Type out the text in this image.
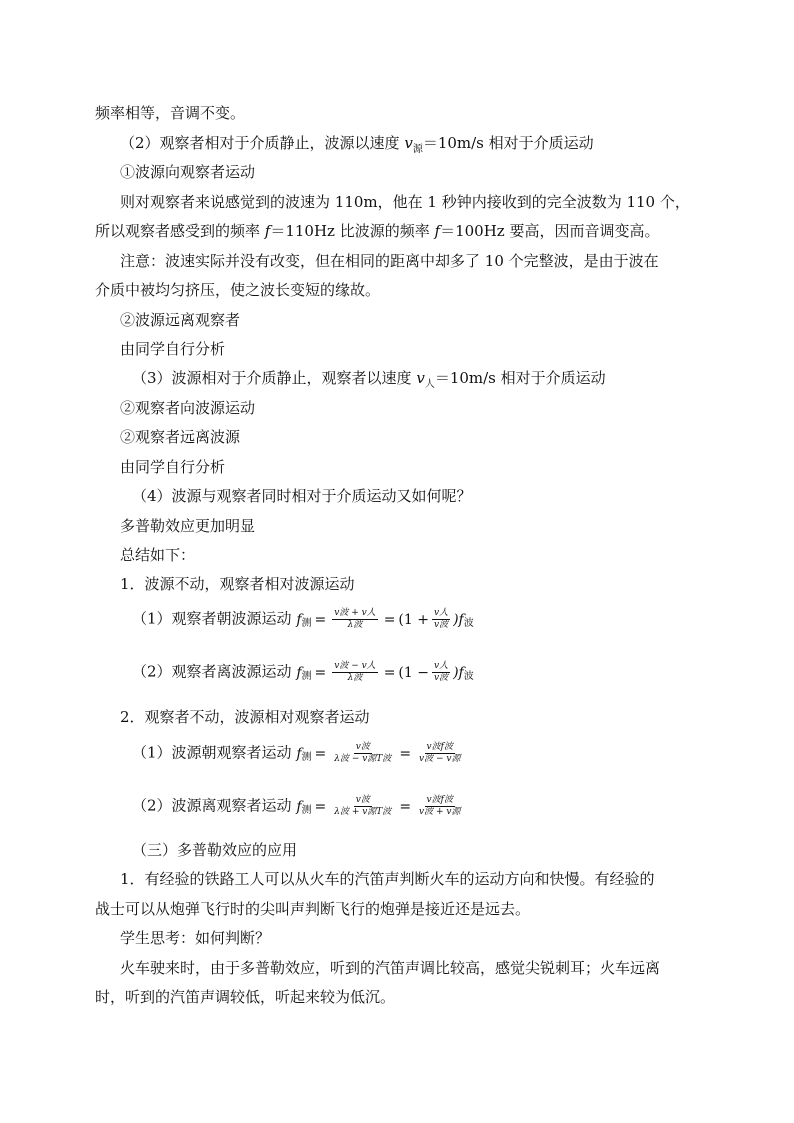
频率相等，音调不变。
（2）观察者相对于介质静止，波源以速度 $v_源=10m/s$ 相对于介质运动
①波源向观察者运动
则对观察者来说感觉到的波速为 110m，他在 1 秒钟内接收到的完全波数为 110 个，
所以观察者感受到的频率 f＝110Hz 比波源的频率 f＝100Hz 要高，因而音调变高。
注意：波速实际并没有改变，但在相同的距离中却多了 10 个完整波，是由于波在
介质中被均匀挤压，使之波长变短的缘故。
②波源远离观察者
由同学自行分析
（3）波源相对于介质静止，观察者以速度 $v_人=10m/s$ 相对于介质运动
②观察者向波源运动
②观察者远离波源
由同学自行分析
（4）波源与观察者同时相对于介质运动又如何呢？
多普勒效应更加明显
总结如下：
1．波源不动，观察者相对波源运动
（1）观察者朝波源运动 f 测 = $\frac{\text{v波 + v人}}{\text{λ波}} = (1 + \frac{\text{v人}}{\text{v波}} )f$ 波
（2）观察者离波源运动 f 测 = $\frac{\text{v波 − v人}}{\text{λ波}} = (1 - \frac{\text{v人}}{\text{v波}} )f$ 波
2．观察者不动，波源相对观察者运动
（1）波源朝观察者运动 f 测 = $\frac{\text{v波}}{\text{λ波 − v源T波}} = \frac{\text{v波f波}}{\text{v波 − v源}}$
（2）波源离观察者运动 f 测 = $\frac{\text{v波}}{\text{λ波 + v源T波}} = \frac{\text{v波f波}}{\text{v波 + v源}}$
（三）多普勒效应的应用
1．有经验的铁路工人可以从火车的汽笛声判断火车的运动方向和快慢。有经验的
战士可以从炮弹飞行时的尖叫声判断飞行的炮弹是接近还是远去。
学生思考：如何判断？
火车驶来时，由于多普勒效应，听到的汽笛声调比较高，感觉尖锐刺耳；火车远离
时，听到的汽笛声调较低，听起来较为低沉。
